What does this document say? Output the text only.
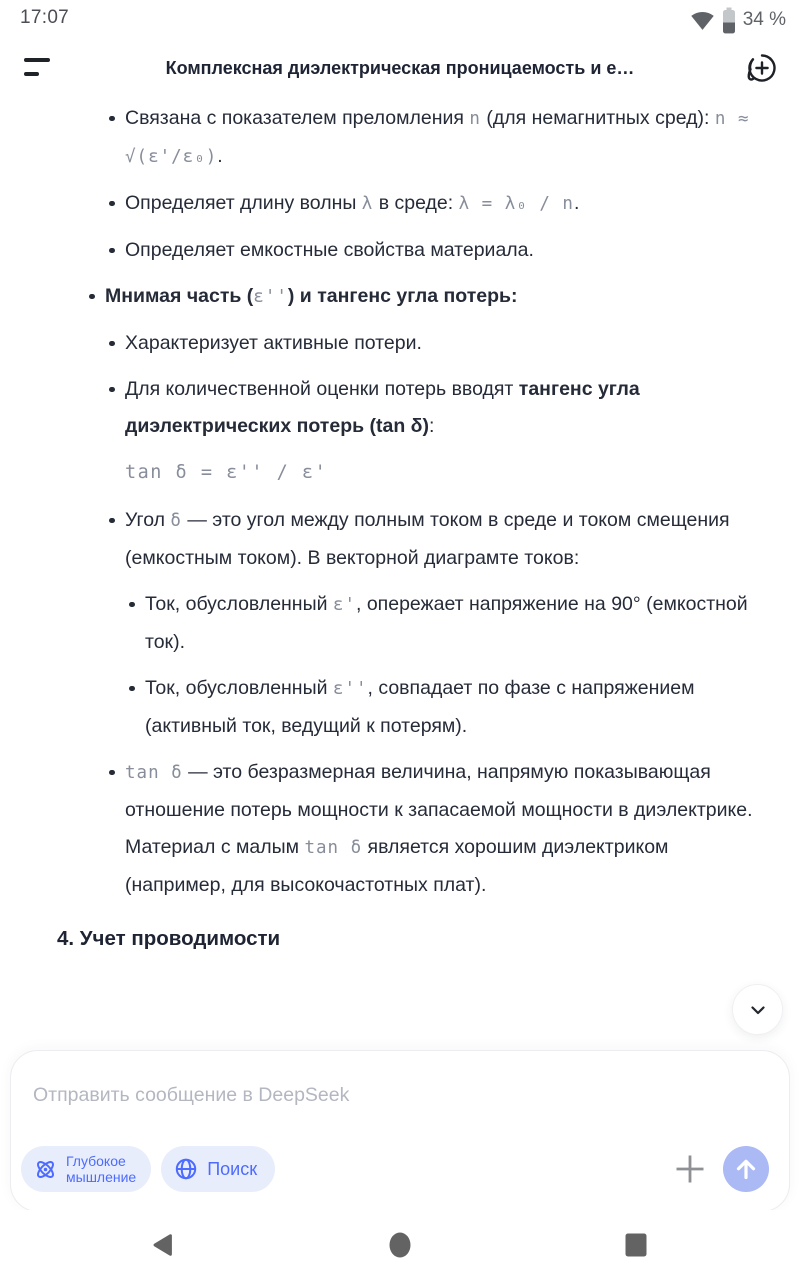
17:07	34 %
Комплексная диэлектрическая проницаемость и е…
Связана с показателем преломления n (для немагнитных сред): n ≈ √(ε'/ε₀).
Определяет длину волны λ в среде: λ = λ₀ / n.
Определяет емкостные свойства материала.
Мнимая часть (ε'') и тангенс угла потерь:
Характеризует активные потери.
Для количественной оценки потерь вводят тангенс угла диэлектрических потерь (tan δ):
tan δ = ε'' / ε'
Угол δ — это угол между полным током в среде и током смещения (емкостным током). В векторной диаграмте токов:
Ток, обусловленный ε', опережает напряжение на 90° (емкостной ток).
Ток, обусловленный ε'', совпадает по фазе с напряжением (активный ток, ведущий к потерям).
tan δ — это безразмерная величина, напрямую показывающая отношение потерь мощности к запасаемой мощности в диэлектрике. Материал с малым tan δ является хорошим диэлектриком (например, для высокочастотных плат).
4. Учет проводимости
Отправить сообщение в DeepSeek
Глубокое
мышление	Поиск
